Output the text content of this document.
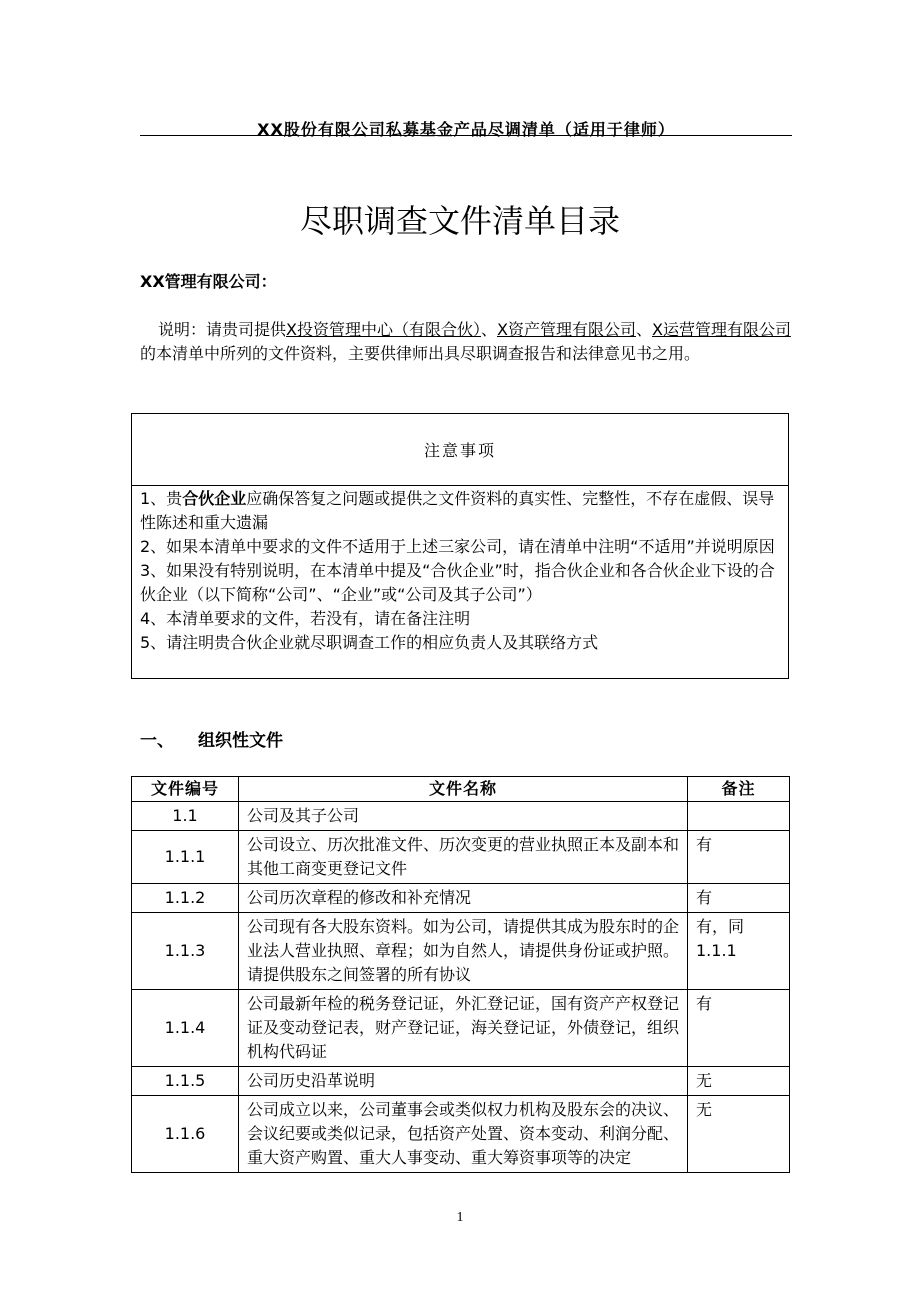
XX股份有限公司私募基金产品尽调清单（适用于律师）
尽职调查文件清单目录
XX管理有限公司：
说明：请贵司提供X投资管理中心（有限合伙）、X资产管理有限公司、X运营管理有限公司的本清单中所列的文件资料，主要供律师出具尽职调查报告和法律意见书之用。
注意事项
1、贵合伙企业应确保答复之问题或提供之文件资料的真实性、完整性，不存在虚假、误导性陈述和重大遗漏
2、如果本清单中要求的文件不适用于上述三家公司，请在清单中注明“不适用”并说明原因
3、如果没有特别说明，在本清单中提及“合伙企业”时，指合伙企业和各合伙企业下设的合伙企业（以下简称“公司”、“企业”或“公司及其子公司”）
4、本清单要求的文件，若没有，请在备注注明
5、请注明贵合伙企业就尽职调查工作的相应负责人及其联络方式
一、 组织性文件
文件编号	文件名称	备注
1.1	公司及其子公司	
1.1.1	公司设立、历次批准文件、历次变更的营业执照正本及副本和其他工商变更登记文件	有
1.1.2	公司历次章程的修改和补充情况	有
1.1.3	公司现有各大股东资料。如为公司，请提供其成为股东时的企业法人营业执照、章程；如为自然人，请提供身份证或护照。请提供股东之间签署的所有协议	有，同1.1.1
1.1.4	公司最新年检的税务登记证，外汇登记证，国有资产产权登记证及变动登记表，财产登记证，海关登记证，外债登记，组织机构代码证	有
1.1.5	公司历史沿革说明	无
1.1.6	公司成立以来，公司董事会或类似权力机构及股东会的决议、会议纪要或类似记录，包括资产处置、资本变动、利润分配、重大资产购置、重大人事变动、重大筹资事项等的决定	无
1
